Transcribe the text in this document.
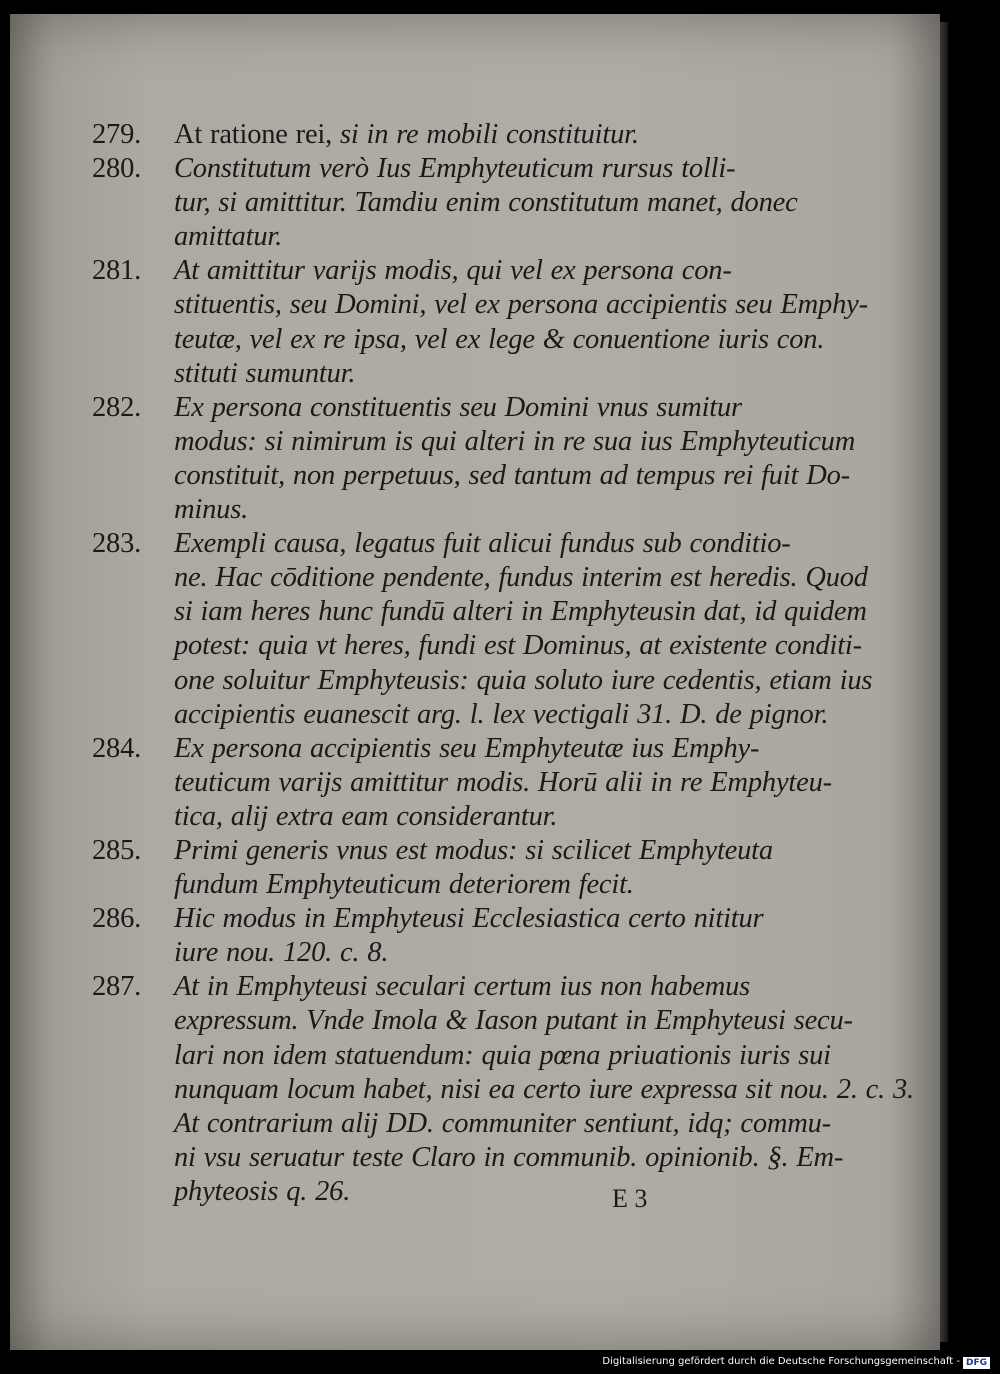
279. At ratione rei, si in re mobili constituitur.
280. Constitutum verò Ius Emphyteuticum rursus tolli-
tur, si amittitur. Tamdiu enim constitutum manet, donec
amittatur.
281. At amittitur varijs modis, qui vel ex persona con-
stituentis, seu Domini, vel ex persona accipientis seu Emphy-
teutæ, vel ex re ipsa, vel ex lege & conuentione iuris con.
stituti sumuntur.
282. Ex persona constituentis seu Domini vnus sumitur
modus: si nimirum is qui alteri in re sua ius Emphyteuticum
constituit, non perpetuus, sed tantum ad tempus rei fuit Do-
minus.
283. Exempli causa, legatus fuit alicui fundus sub conditio-
ne. Hac cōditione pendente, fundus interim est heredis. Quod
si iam heres hunc fundū alteri in Emphyteusin dat, id quidem
potest: quia vt heres, fundi est Dominus, at existente conditi-
one soluitur Emphyteusis: quia soluto iure cedentis, etiam ius
accipientis euanescit arg. l. lex vectigali 31. D. de pignor.
284. Ex persona accipientis seu Emphyteutæ ius Emphy-
teuticum varijs amittitur modis. Horū alii in re Emphyteu-
tica, alij extra eam considerantur.
285. Primi generis vnus est modus: si scilicet Emphyteuta
fundum Emphyteuticum deteriorem fecit.
286. Hic modus in Emphyteusi Ecclesiastica certo nititur
iure nou. 120. c. 8.
287. At in Emphyteusi seculari certum ius non habemus
expressum. Vnde Imola & Iason putant in Emphyteusi secu-
lari non idem statuendum: quia pœna priuationis iuris sui
nunquam locum habet, nisi ea certo iure expressa sit nou. 2. c. 3.
At contrarium alij DD. communiter sentiunt, idq; commu-
ni vsu seruatur teste Claro in communib. opinionib. §. Em-
phyteosis q. 26.	E 3
Digitalisierung gefördert durch die Deutsche Forschungsgemeinschaft - DFG
